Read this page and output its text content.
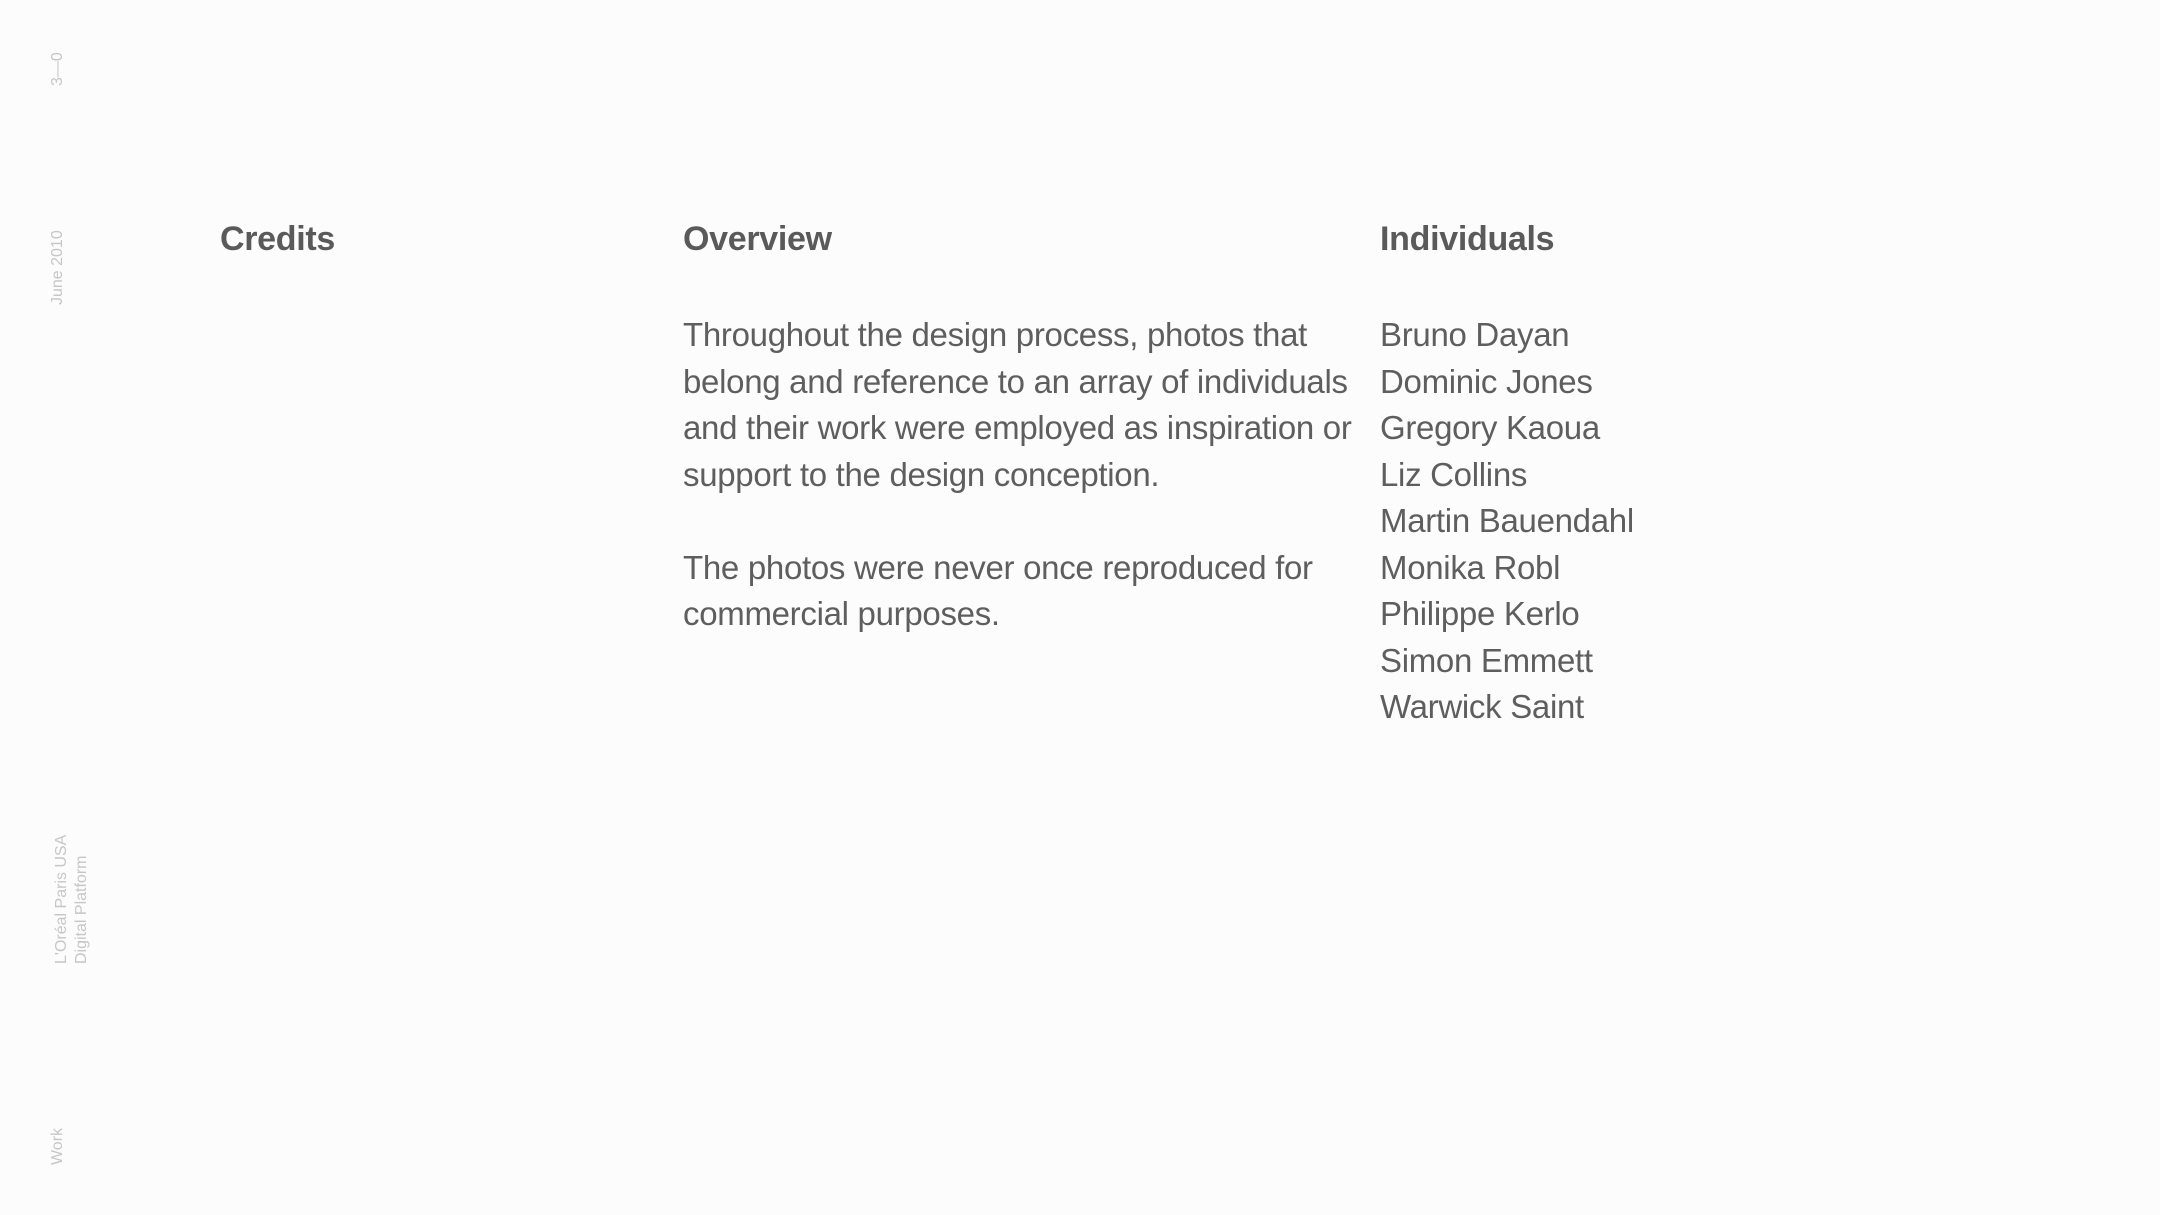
3—0
June 2010
L'Oréal Paris USA Digital Platform
Work
Credits	Overview	Individuals

Throughout the design process, photos that belong and reference to an array of individuals and their work were employed as inspiration or support to the design conception.

The photos were never once reproduced for commercial purposes.

Bruno Dayan
Dominic Jones
Gregory Kaoua
Liz Collins
Martin Bauendahl
Monika Robl
Philippe Kerlo
Simon Emmett
Warwick Saint
